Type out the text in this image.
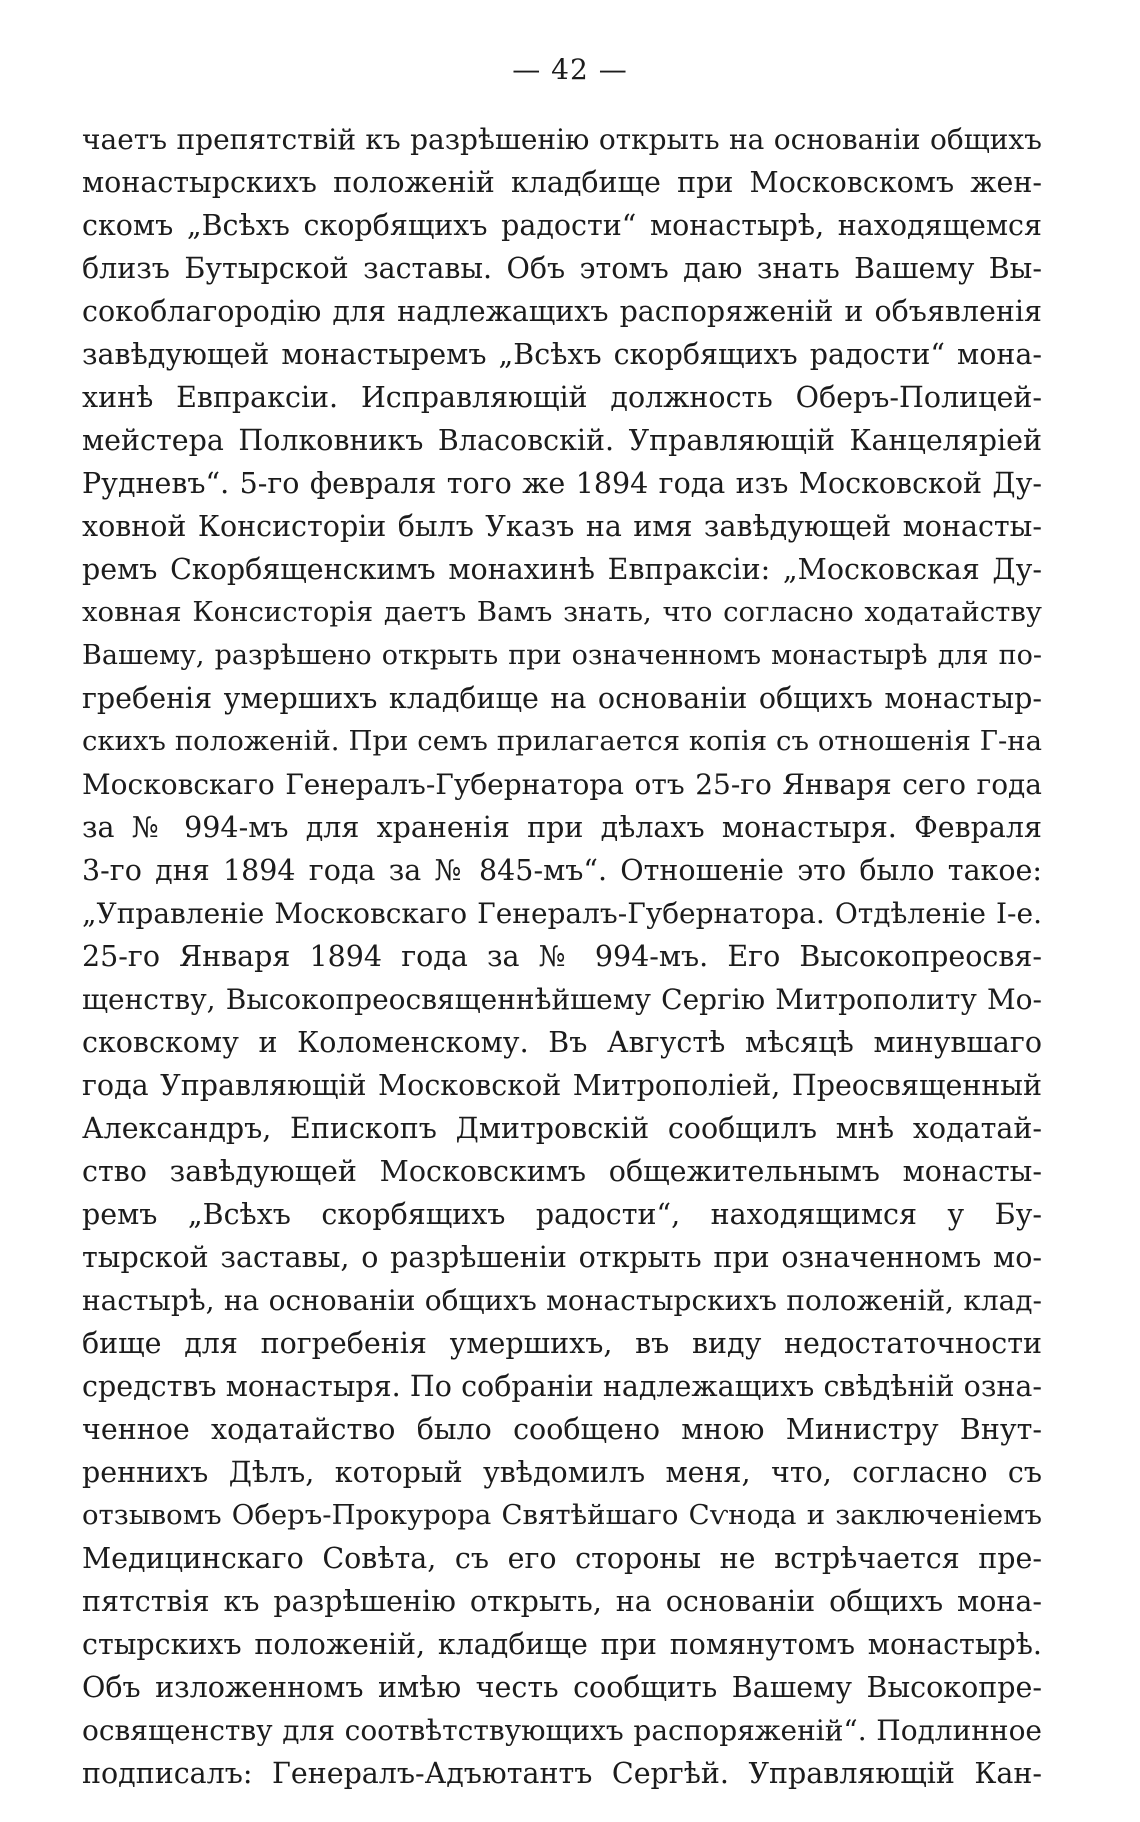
— 42 —
чаетъ препятствій къ разрѣшенію открыть на основаніи общихъ
монастырскихъ положеній кладбище при Московскомъ жен-
скомъ „Всѣхъ скорбящихъ радости“ монастырѣ, находящемся
близъ Бутырской заставы. Объ этомъ даю знать Вашему Вы-
сокоблагородію для надлежащихъ распоряженій и объявленія
завѣдующей монастыремъ „Всѣхъ скорбящихъ радости“ мона-
хинѣ Евпраксіи. Исправляющій должность Оберъ-Полицей-
мейстера Полковникъ Власовскій. Управляющій Канцеляріей
Рудневъ“. 5-го февраля того же 1894 года изъ Московской Ду-
ховной Консисторіи былъ Указъ на имя завѣдующей монасты-
ремъ Скорбященскимъ монахинѣ Евпраксіи: „Московская Ду-
ховная Консисторія даетъ Вамъ знать, что согласно ходатайству
Вашему, разрѣшено открыть при означенномъ монастырѣ для по-
гребенія умершихъ кладбище на основаніи общихъ монастыр-
скихъ положеній. При семъ прилагается копія съ отношенія Г-на
Московскаго Генералъ-Губернатора отъ 25-го Января сего года
за № 994-мъ для храненія при дѣлахъ монастыря. Февраля
3-го дня 1894 года за № 845-мъ“. Отношеніе это было такое:
„Управленіе Московскаго Генералъ-Губернатора. Отдѣленіе I-е.
25-го Января 1894 года за № 994-мъ. Его Высокопреосвя-
щенству, Высокопреосвященнѣйшему Сергію Митрополиту Мо-
сковскому и Коломенскому. Въ Августѣ мѣсяцѣ минувшаго
года Управляющій Московской Митрополіей, Преосвященный
Александръ, Епископъ Дмитровскій сообщилъ мнѣ ходатай-
ство завѣдующей Московскимъ общежительнымъ монасты-
ремъ „Всѣхъ скорбящихъ радости“, находящимся у Бу-
тырской заставы, о разрѣшеніи открыть при означенномъ мо-
настырѣ, на основаніи общихъ монастырскихъ положеній, клад-
бище для погребенія умершихъ, въ виду недостаточности
средствъ монастыря. По собраніи надлежащихъ свѣдѣній озна-
ченное ходатайство было сообщено мною Министру Внут-
реннихъ Дѣлъ, который увѣдомилъ меня, что, согласно съ
отзывомъ Оберъ-Прокурора Святѣйшаго Сѵнода и заключеніемъ
Медицинскаго Совѣта, съ его стороны не встрѣчается пре-
пятствія къ разрѣшенію открыть, на основаніи общихъ мона-
стырскихъ положеній, кладбище при помянутомъ монастырѣ.
Объ изложенномъ имѣю честь сообщить Вашему Высокопре-
освященству для соотвѣтствующихъ распоряженій“. Подлинное
подписалъ: Генералъ-Адъютантъ Сергѣй. Управляющій Кан-
